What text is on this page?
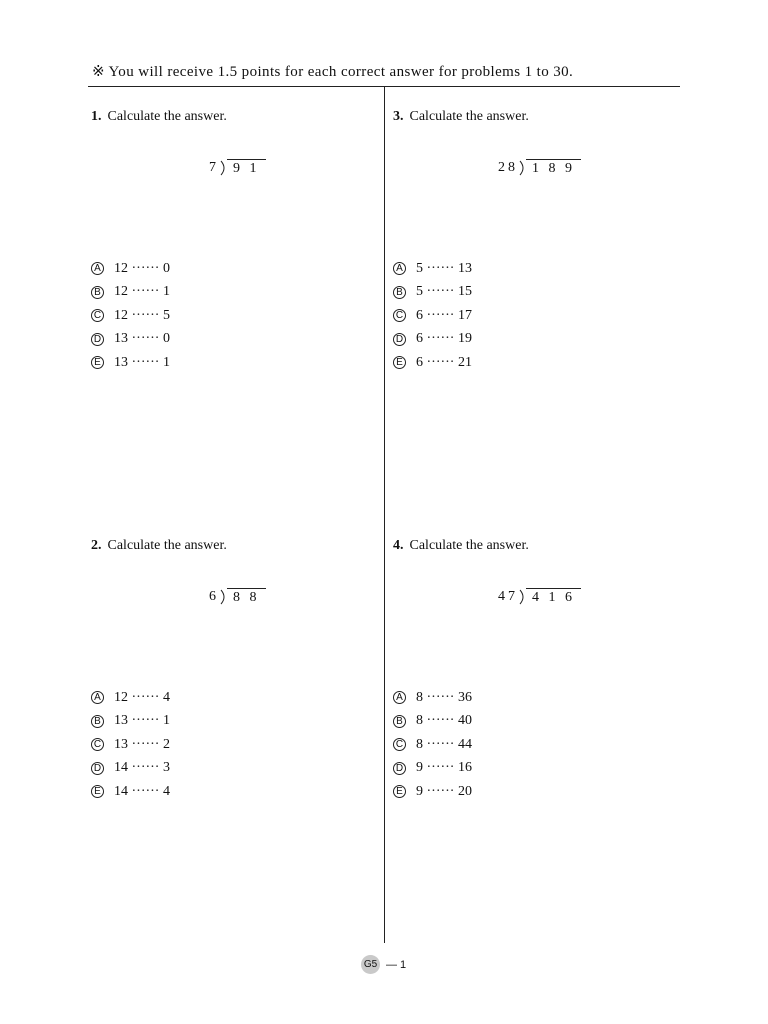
※ You will receive 1.5 points for each correct answer for problems 1 to 30.
1. Calculate the answer.
7	9 1
A 12 ······ 0
B 12 ······ 1
C 12 ······ 5
D 13 ······ 0
E 13 ······ 1
2. Calculate the answer.
6	8 8
A 12 ······ 4
B 13 ······ 1
C 13 ······ 2
D 14 ······ 3
E 14 ······ 4
3. Calculate the answer.
28	1 8 9
A 5 ······ 13
B 5 ······ 15
C 6 ······ 17
D 6 ······ 19
E 6 ······ 21
4. Calculate the answer.
47	4 1 6
A 8 ······ 36
B 8 ······ 40
C 8 ······ 44
D 9 ······ 16
E 9 ······ 20
G5 — 1
